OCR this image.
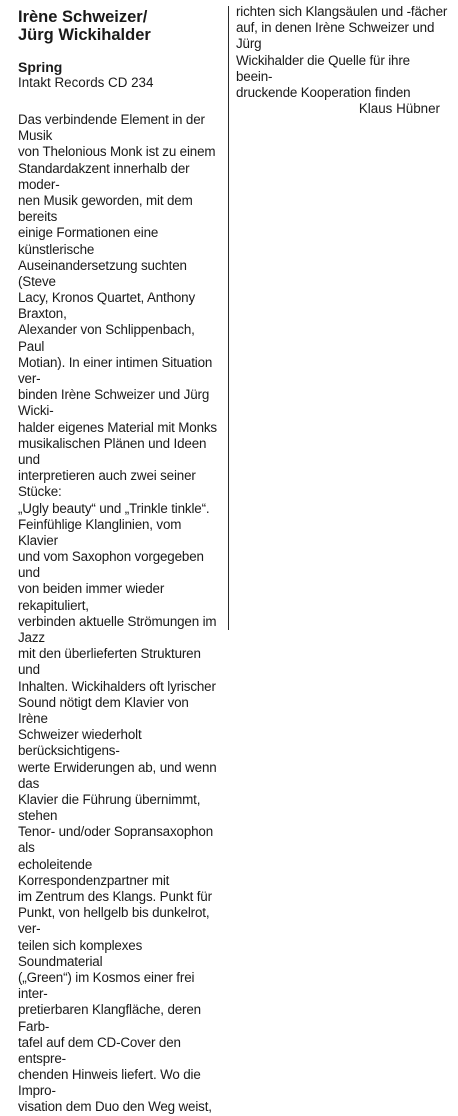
Irène Schweizer/
Jürg Wickihalder
Spring
Intakt Records CD 234
Das verbindende Element in der Musik
von Thelonious Monk ist zu einem
Standardakzent innerhalb der moder-
nen Musik geworden, mit dem bereits
einige Formationen eine künstlerische
Auseinandersetzung suchten (Steve
Lacy, Kronos Quartet, Anthony Braxton,
Alexander von Schlippenbach, Paul
Motian). In einer intimen Situation ver-
binden Irène Schweizer und Jürg Wicki-
halder eigenes Material mit Monks
musikalischen Plänen und Ideen und
interpretieren auch zwei seiner Stücke:
„Ugly beauty“ und „Trinkle tinkle“.
Feinfühlige Klanglinien, vom Klavier
und vom Saxophon vorgegeben und
von beiden immer wieder rekapituliert,
verbinden aktuelle Strömungen im Jazz
mit den überlieferten Strukturen und
Inhalten. Wickihalders oft lyrischer
Sound nötigt dem Klavier von Irène
Schweizer wiederholt berücksichtigens-
werte Erwiderungen ab, und wenn das
Klavier die Führung übernimmt, stehen
Tenor- und/oder Sopransaxophon als
echoleitende Korrespondenzpartner mit
im Zentrum des Klangs. Punkt für
Punkt, von hellgelb bis dunkelrot, ver-
teilen sich komplexes Soundmaterial
(„Green“) im Kosmos einer frei inter-
pretierbaren Klangfläche, deren Farb-
tafel auf dem CD-Cover den entspre-
chenden Hinweis liefert. Wo die Impro-
visation dem Duo den Weg weist,
richten sich Klangsäulen und -fächer
auf, in denen Irène Schweizer und Jürg
Wickihalder die Quelle für ihre beein-
druckende Kooperation finden
Klaus Hübner
